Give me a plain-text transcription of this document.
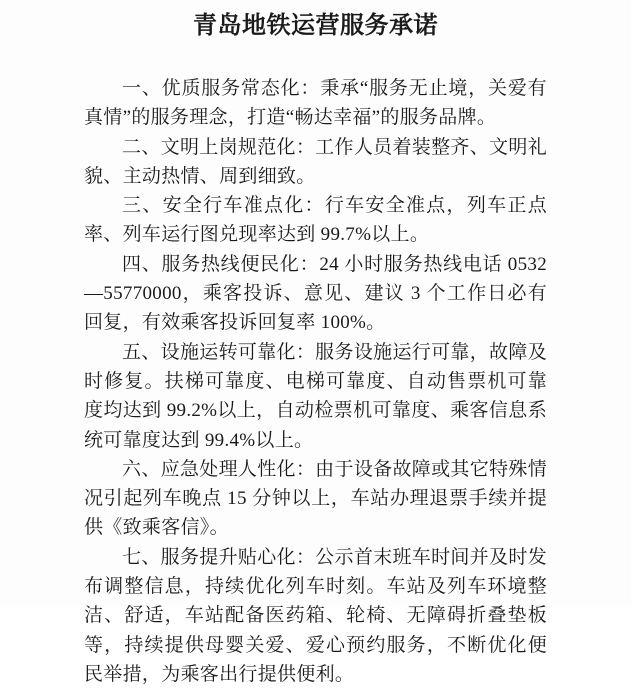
青岛地铁运营服务承诺

一、优质服务常态化：秉承“服务无止境，关爱有真情”的服务理念，打造“畅达幸福”的服务品牌。

二、文明上岗规范化：工作人员着装整齐、文明礼貌、主动热情、周到细致。

三、安全行车准点化：行车安全准点，列车正点率、列车运行图兑现率达到 99.7%以上。

四、服务热线便民化：24 小时服务热线电话 0532—55770000，乘客投诉、意见、建议 3 个工作日必有回复，有效乘客投诉回复率 100%。

五、设施运转可靠化：服务设施运行可靠，故障及时修复。扶梯可靠度、电梯可靠度、自动售票机可靠度均达到 99.2%以上，自动检票机可靠度、乘客信息系统可靠度达到 99.4%以上。

六、应急处理人性化：由于设备故障或其它特殊情况引起列车晚点 15 分钟以上，车站办理退票手续并提供《致乘客信》。

七、服务提升贴心化：公示首末班车时间并及时发布调整信息，持续优化列车时刻。车站及列车环境整洁、舒适，车站配备医药箱、轮椅、无障碍折叠垫板等，持续提供母婴关爱、爱心预约服务，不断优化便民举措，为乘客出行提供便利。
